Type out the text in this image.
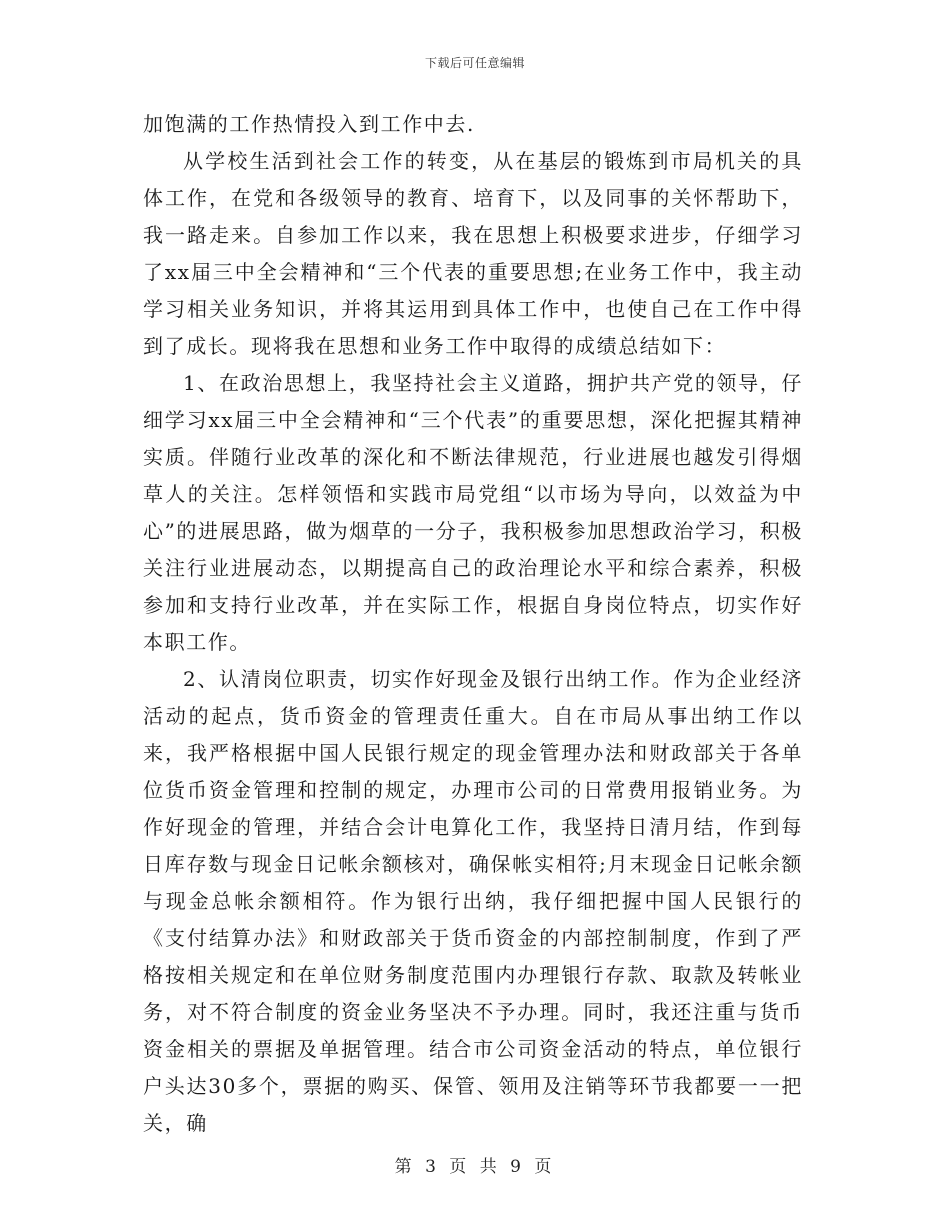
下载后可任意编辑

加饱满的工作热情投入到工作中去.

从学校生活到社会工作的转变，从在基层的锻炼到市局机关的具体工作，在党和各级领导的教育、培育下，以及同事的关怀帮助下，我一路走来。自参加工作以来，我在思想上积极要求进步，仔细学习了xx届三中全会精神和“三个代表的重要思想;在业务工作中，我主动学习相关业务知识，并将其运用到具体工作中，也使自己在工作中得到了成长。现将我在思想和业务工作中取得的成绩总结如下：

1、在政治思想上，我坚持社会主义道路，拥护共产党的领导，仔细学习xx届三中全会精神和“三个代表”的重要思想，深化把握其精神实质。伴随行业改革的深化和不断法律规范，行业进展也越发引得烟草人的关注。怎样领悟和实践市局党组“以市场为导向，以效益为中心”的进展思路，做为烟草的一分子，我积极参加思想政治学习，积极关注行业进展动态，以期提高自己的政治理论水平和综合素养，积极参加和支持行业改革，并在实际工作，根据自身岗位特点，切实作好本职工作。

2、认清岗位职责，切实作好现金及银行出纳工作。作为企业经济活动的起点，货币资金的管理责任重大。自在市局从事出纳工作以来，我严格根据中国人民银行规定的现金管理办法和财政部关于各单位货币资金管理和控制的规定，办理市公司的日常费用报销业务。为作好现金的管理，并结合会计电算化工作，我坚持日清月结，作到每日库存数与现金日记帐余额核对，确保帐实相符;月末现金日记帐余额与现金总帐余额相符。作为银行出纳，我仔细把握中国人民银行的《支付结算办法》和财政部关于货币资金的内部控制制度，作到了严格按相关规定和在单位财务制度范围内办理银行存款、取款及转帐业务，对不符合制度的资金业务坚决不予办理。同时，我还注重与货币资金相关的票据及单据管理。结合市公司资金活动的特点，单位银行户头达30多个，票据的购买、保管、领用及注销等环节我都要一一把关，确

第 3 页 共 9 页
